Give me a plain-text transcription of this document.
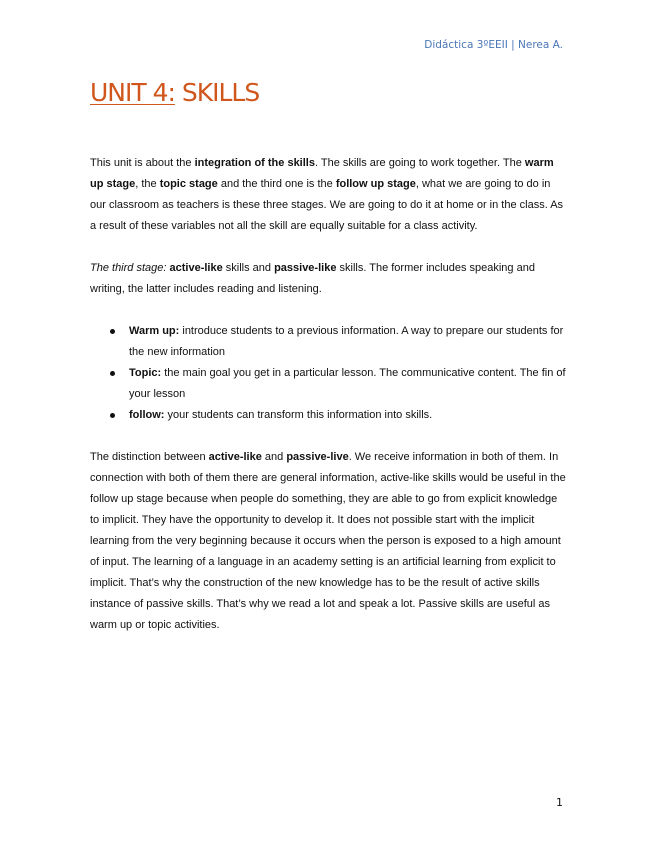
Didáctica 3ºEEII | Nerea A.
UNIT 4: SKILLS

This unit is about the integration of the skills. The skills are going to work together. The warm up stage, the topic stage and the third one is the follow up stage, what we are going to do in our classroom as teachers is these three stages. We are going to do it at home or in the class. As a result of these variables not all the skill are equally suitable for a class activity.

The third stage: active-like skills and passive-like skills. The former includes speaking and writing, the latter includes reading and listening.

Warm up: introduce students to a previous information. A way to prepare our students for the new information
Topic: the main goal you get in a particular lesson. The communicative content. The fin of your lesson
follow: your students can transform this information into skills.

The distinction between active-like and passive-live. We receive information in both of them. In connection with both of them there are general information, active-like skills would be useful in the follow up stage because when people do something, they are able to go from explicit knowledge to implicit. They have the opportunity to develop it. It does not possible start with the implicit learning from the very beginning because it occurs when the person is exposed to a high amount of input. The learning of a language in an academy setting is an artificial learning from explicit to implicit. That’s why the construction of the new knowledge has to be the result of active skills instance of passive skills. That’s why we read a lot and speak a lot. Passive skills are useful as warm up or topic activities.

1
